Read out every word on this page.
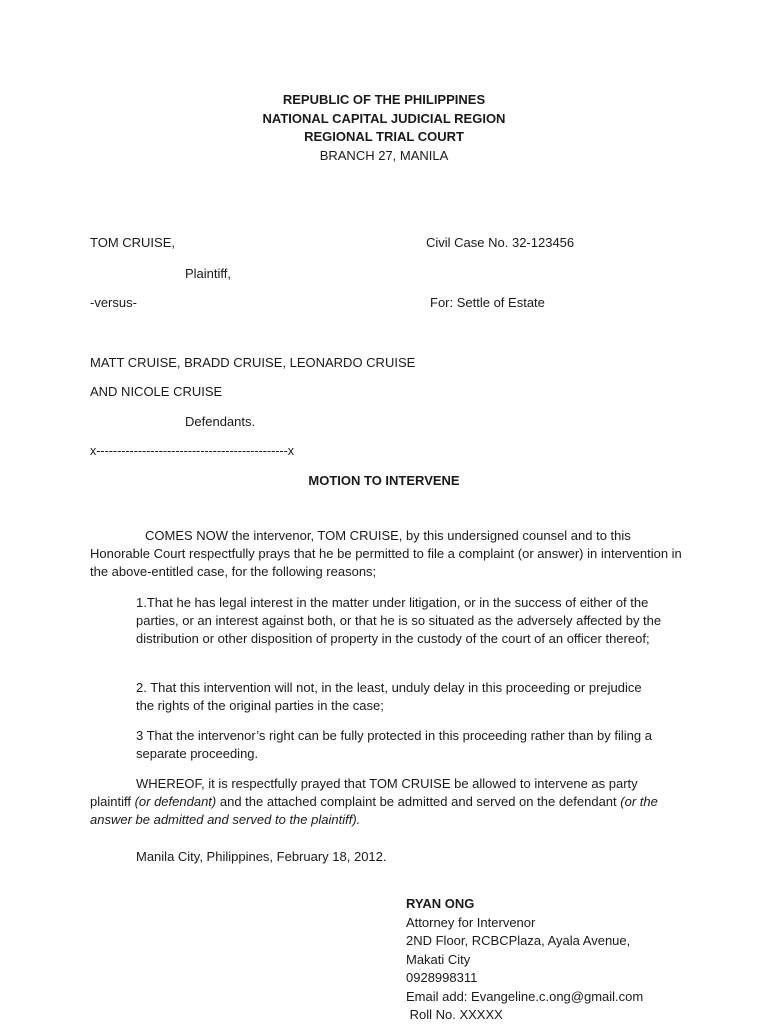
REPUBLIC OF THE PHILIPPINES
NATIONAL CAPITAL JUDICIAL REGION
REGIONAL TRIAL COURT
BRANCH 27, MANILA
TOM CRUISE,	Civil Case No. 32-123456
Plaintiff,
-versus-	For: Settle of Estate
MATT CRUISE, BRADD CRUISE, LEONARDO CRUISE
AND NICOLE CRUISE
Defendants.
x----------------------------------------------x
MOTION TO INTERVENE
COMES NOW the intervenor, TOM CRUISE, by this undersigned counsel and to this Honorable Court respectfully prays that he be permitted to file a complaint (or answer) in intervention in the above-entitled case, for the following reasons;
1.That he has legal interest in the matter under litigation, or in the success of either of the parties, or an interest against both, or that he is so situated as the adversely affected by the distribution or other disposition of property in the custody of the court of an officer thereof;
2. That this intervention will not, in the least, unduly delay in this proceeding or prejudice the rights of the original parties in the case;
3 That the intervenor’s right can be fully protected in this proceeding rather than by filing a separate proceeding.
WHEREOF, it is respectfully prayed that TOM CRUISE be allowed to intervene as party plaintiff (or defendant) and the attached complaint be admitted and served on the defendant (or the answer be admitted and served to the plaintiff).
Manila City, Philippines, February 18, 2012.
RYAN ONG
Attorney for Intervenor
2ND Floor, RCBCPlaza, Ayala Avenue,
Makati City
0928998311
Email add: Evangeline.c.ong@gmail.com
Roll No. XXXXX
